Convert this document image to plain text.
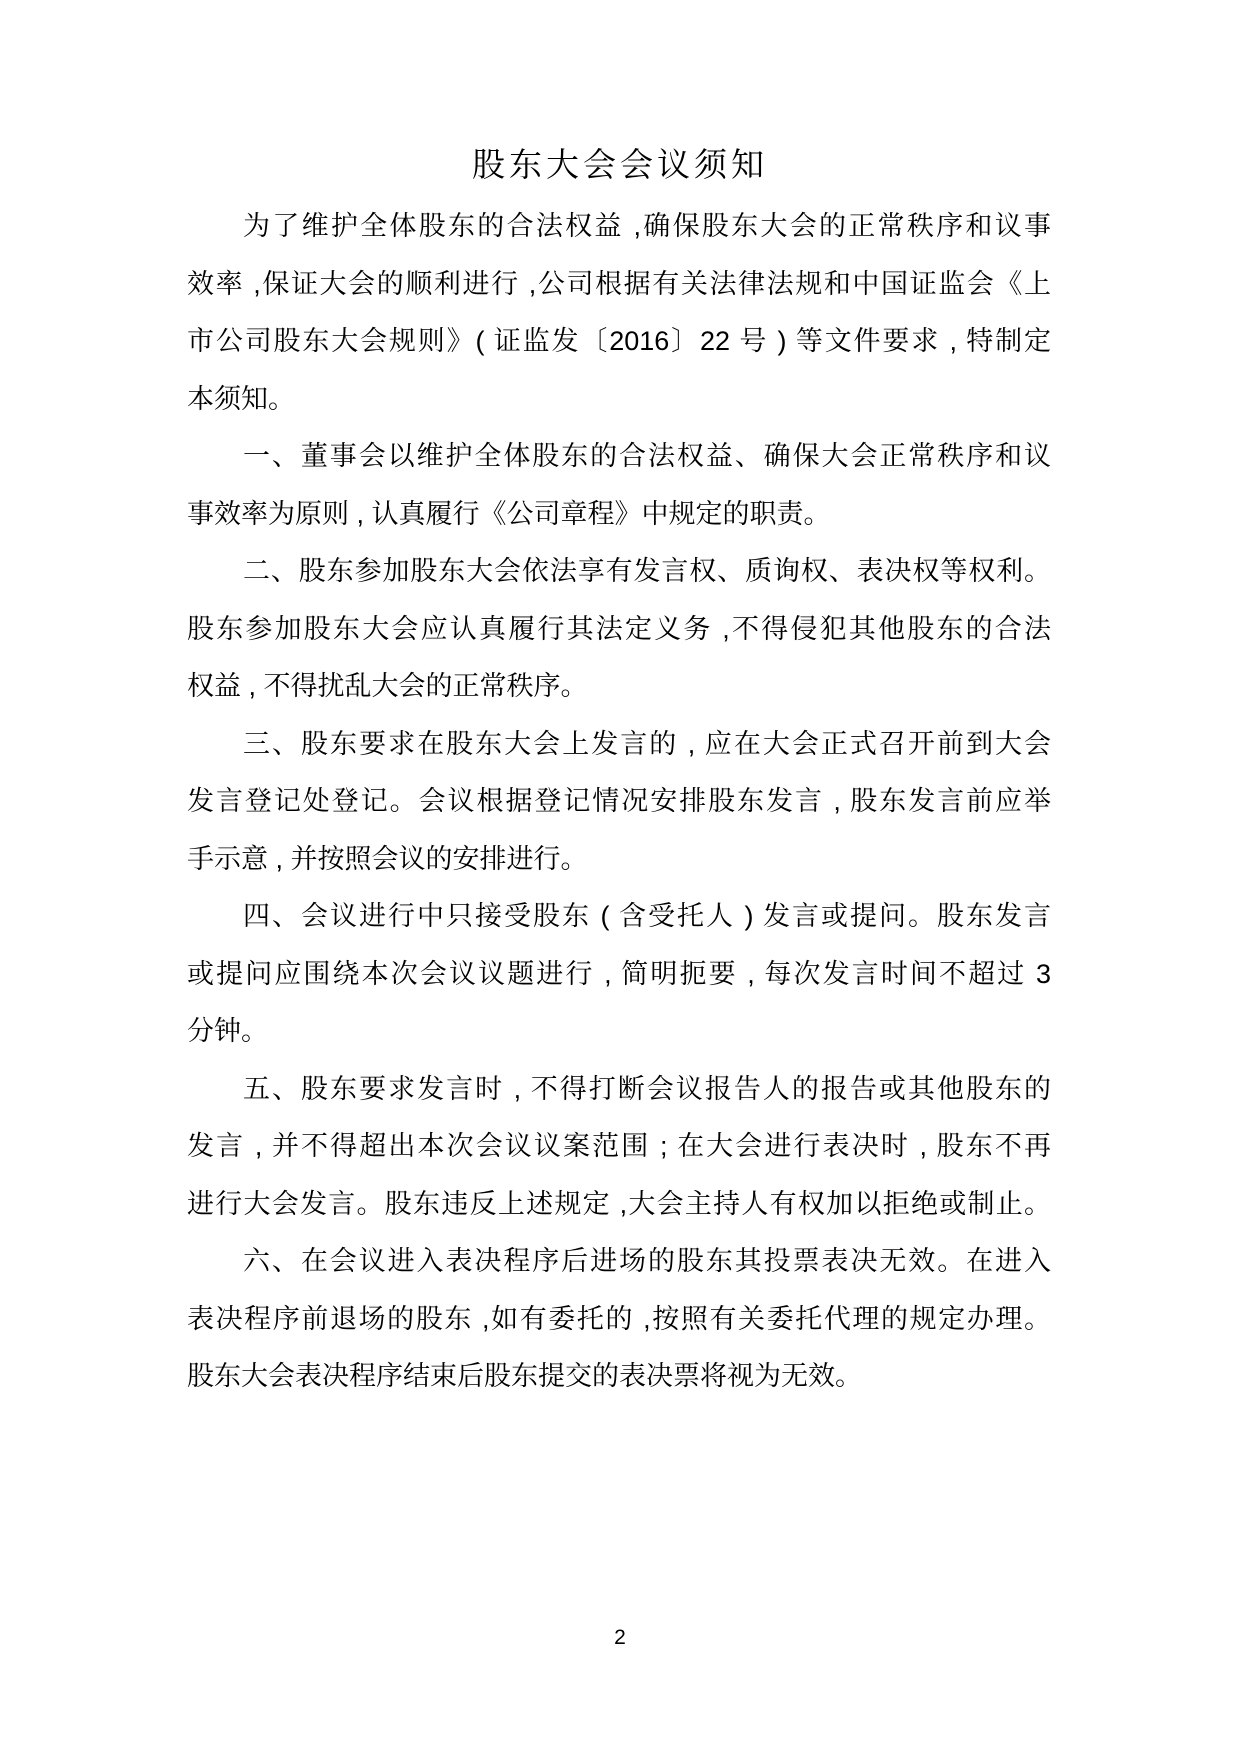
股东大会会议须知
为了维护全体股东的合法权益 ,确保股东大会的正常秩序和议事
效率 ,保证大会的顺利进行 ,公司根据有关法律法规和中国证监会《上
市公司股东大会规则》( 证监发〔2016〕22 号 ) 等文件要求 , 特制定
本须知。
一、董事会以维护全体股东的合法权益、确保大会正常秩序和议
事效率为原则 , 认真履行《公司章程》中规定的职责。
二、股东参加股东大会依法享有发言权、质询权、表决权等权利。
股东参加股东大会应认真履行其法定义务 ,不得侵犯其他股东的合法
权益 , 不得扰乱大会的正常秩序。
三、股东要求在股东大会上发言的 , 应在大会正式召开前到大会
发言登记处登记。会议根据登记情况安排股东发言 , 股东发言前应举
手示意 , 并按照会议的安排进行。
四、会议进行中只接受股东 ( 含受托人 ) 发言或提问。股东发言
或提问应围绕本次会议议题进行 , 简明扼要 , 每次发言时间不超过 3
分钟。
五、股东要求发言时 , 不得打断会议报告人的报告或其他股东的
发言 , 并不得超出本次会议议案范围 ; 在大会进行表决时 , 股东不再
进行大会发言。股东违反上述规定 ,大会主持人有权加以拒绝或制止。
六、在会议进入表决程序后进场的股东其投票表决无效。在进入
表决程序前退场的股东 ,如有委托的 ,按照有关委托代理的规定办理。
股东大会表决程序结束后股东提交的表决票将视为无效。
2
